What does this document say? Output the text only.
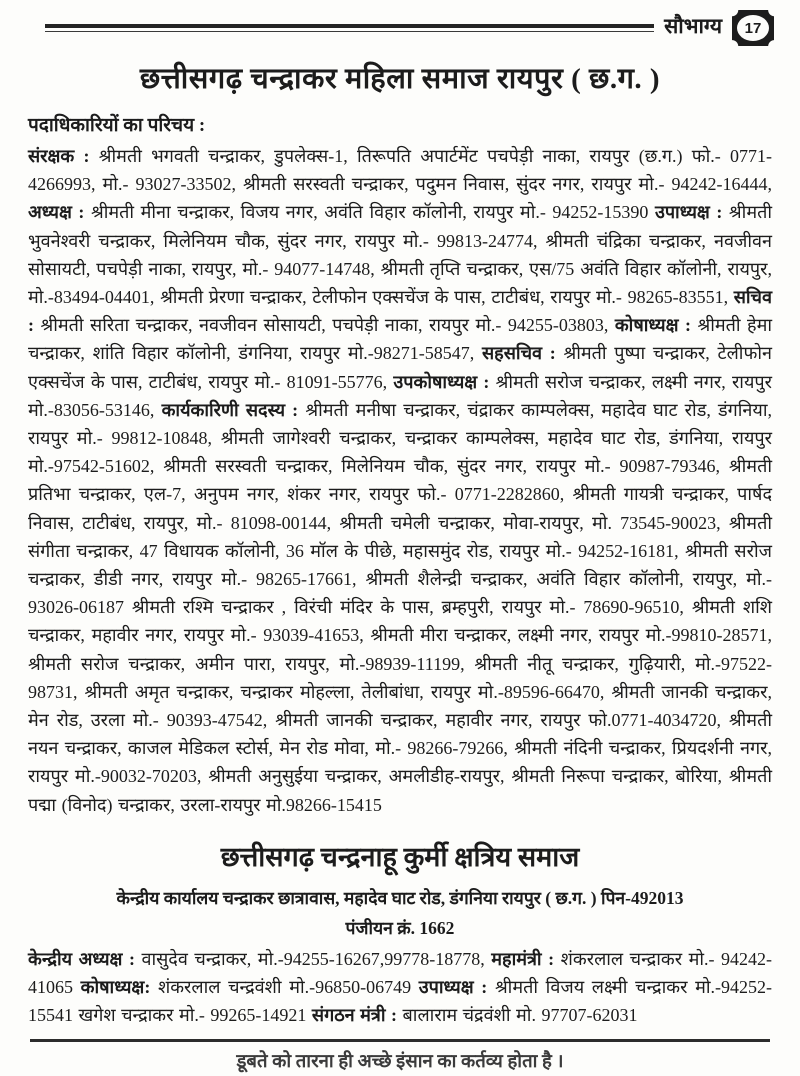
सौभाग्य	17
छत्तीसगढ़ चन्द्राकर महिला समाज रायपुर ( छ.ग. )
पदाधिकारियों का परिचय :
संरक्षक : श्रीमती भगवती चन्द्राकर, डुपलेक्स-1, तिरूपति अपार्टमेंट पचपेड़ी नाका, रायपुर (छ.ग.) फो.- 0771-4266993, मो.- 93027-33502, श्रीमती सरस्वती चन्द्राकर, पदुमन निवास, सुंदर नगर, रायपुर मो.- 94242-16444, अध्यक्ष : श्रीमती मीना चन्द्राकर, विजय नगर, अवंति विहार कॉलोनी, रायपुर मो.- 94252-15390 उपाध्यक्ष : श्रीमती भुवनेश्वरी चन्द्राकर, मिलेनियम चौक, सुंदर नगर, रायपुर मो.- 99813-24774, श्रीमती चंद्रिका चन्द्राकर, नवजीवन सोसायटी, पचपेड़ी नाका, रायपुर, मो.- 94077-14748, श्रीमती तृप्ति चन्द्राकर, एस/75 अवंति विहार कॉलोनी, रायपुर, मो.-83494-04401, श्रीमती प्रेरणा चन्द्राकर, टेलीफोन एक्सचेंज के पास, टाटीबंध, रायपुर मो.- 98265-83551, सचिव : श्रीमती सरिता चन्द्राकर, नवजीवन सोसायटी, पचपेड़ी नाका, रायपुर मो.- 94255-03803, कोषाध्यक्ष : श्रीमती हेमा चन्द्राकर, शांति विहार कॉलोनी, डंगनिया, रायपुर मो.-98271-58547, सहसचिव : श्रीमती पुष्पा चन्द्राकर, टेलीफोन एक्सचेंज के पास, टाटीबंध, रायपुर मो.- 81091-55776, उपकोषाध्यक्ष : श्रीमती सरोज चन्द्राकर, लक्ष्मी नगर, रायपुर मो.-83056-53146, कार्यकारिणी सदस्य : श्रीमती मनीषा चन्द्राकर, चंद्राकर काम्पलेक्स, महादेव घाट रोड, डंगनिया, रायपुर मो.- 99812-10848, श्रीमती जागेश्वरी चन्द्राकर, चन्द्राकर काम्पलेक्स, महादेव घाट रोड, डंगनिया, रायपुर मो.-97542-51602, श्रीमती सरस्वती चन्द्राकर, मिलेनियम चौक, सुंदर नगर, रायपुर मो.- 90987-79346, श्रीमती प्रतिभा चन्द्राकर, एल-7, अनुपम नगर, शंकर नगर, रायपुर फो.- 0771-2282860, श्रीमती गायत्री चन्द्राकर, पार्षद निवास, टाटीबंध, रायपुर, मो.- 81098-00144, श्रीमती चमेली चन्द्राकर, मोवा-रायपुर, मो. 73545-90023, श्रीमती संगीता चन्द्राकर, 47 विधायक कॉलोनी, 36 मॉल के पीछे, महासमुंद रोड, रायपुर मो.- 94252-16181, श्रीमती सरोज चन्द्राकर, डीडी नगर, रायपुर मो.- 98265-17661, श्रीमती शैलेन्द्री चन्द्राकर, अवंति विहार कॉलोनी, रायपुर, मो.- 93026-06187 श्रीमती रश्मि चन्द्राकर , विरंची मंदिर के पास, ब्रम्हपुरी, रायपुर मो.- 78690-96510, श्रीमती शशि चन्द्राकर, महावीर नगर, रायपुर मो.- 93039-41653, श्रीमती मीरा चन्द्राकर, लक्ष्मी नगर, रायपुर मो.-99810-28571, श्रीमती सरोज चन्द्राकर, अमीन पारा, रायपुर, मो.-98939-11199, श्रीमती नीतू चन्द्राकर, गुढ़ियारी, मो.-97522-98731, श्रीमती अमृत चन्द्राकर, चन्द्राकर मोहल्ला, तेलीबांधा, रायपुर मो.-89596-66470, श्रीमती जानकी चन्द्राकर, मेन रोड, उरला मो.- 90393-47542, श्रीमती जानकी चन्द्राकर, महावीर नगर, रायपुर फो.0771-4034720, श्रीमती नयन चन्द्राकर, काजल मेडिकल स्टोर्स, मेन रोड मोवा, मो.- 98266-79266, श्रीमती नंदिनी चन्द्राकर, प्रियदर्शनी नगर, रायपुर मो.-90032-70203, श्रीमती अनुसुईया चन्द्राकर, अमलीडीह-रायपुर, श्रीमती निरूपा चन्द्राकर, बोरिया, श्रीमती पद्मा (विनोद) चन्द्राकर, उरला-रायपुर मो.98266-15415
छत्तीसगढ़ चन्द्रनाहू कुर्मी क्षत्रिय समाज
केन्द्रीय कार्यालय चन्द्राकर छात्रावास, महादेव घाट रोड, डंगनिया रायपुर ( छ.ग. ) पिन-492013
पंजीयन क्रं. 1662
केन्द्रीय अध्यक्ष : वासुदेव चन्द्राकर, मो.-94255-16267,99778-18778, महामंत्री : शंकरलाल चन्द्राकर मो.- 94242-41065 कोषाध्यक्ष: शंकरलाल चन्द्रवंशी मो.-96850-06749 उपाध्यक्ष : श्रीमती विजय लक्ष्मी चन्द्राकर मो.-94252-15541 खगेश चन्द्राकर मो.- 99265-14921 संगठन मंत्री : बालाराम चंद्रवंशी मो. 97707-62031
डूबते को तारना ही अच्छे इंसान का कर्तव्य होता है ।
